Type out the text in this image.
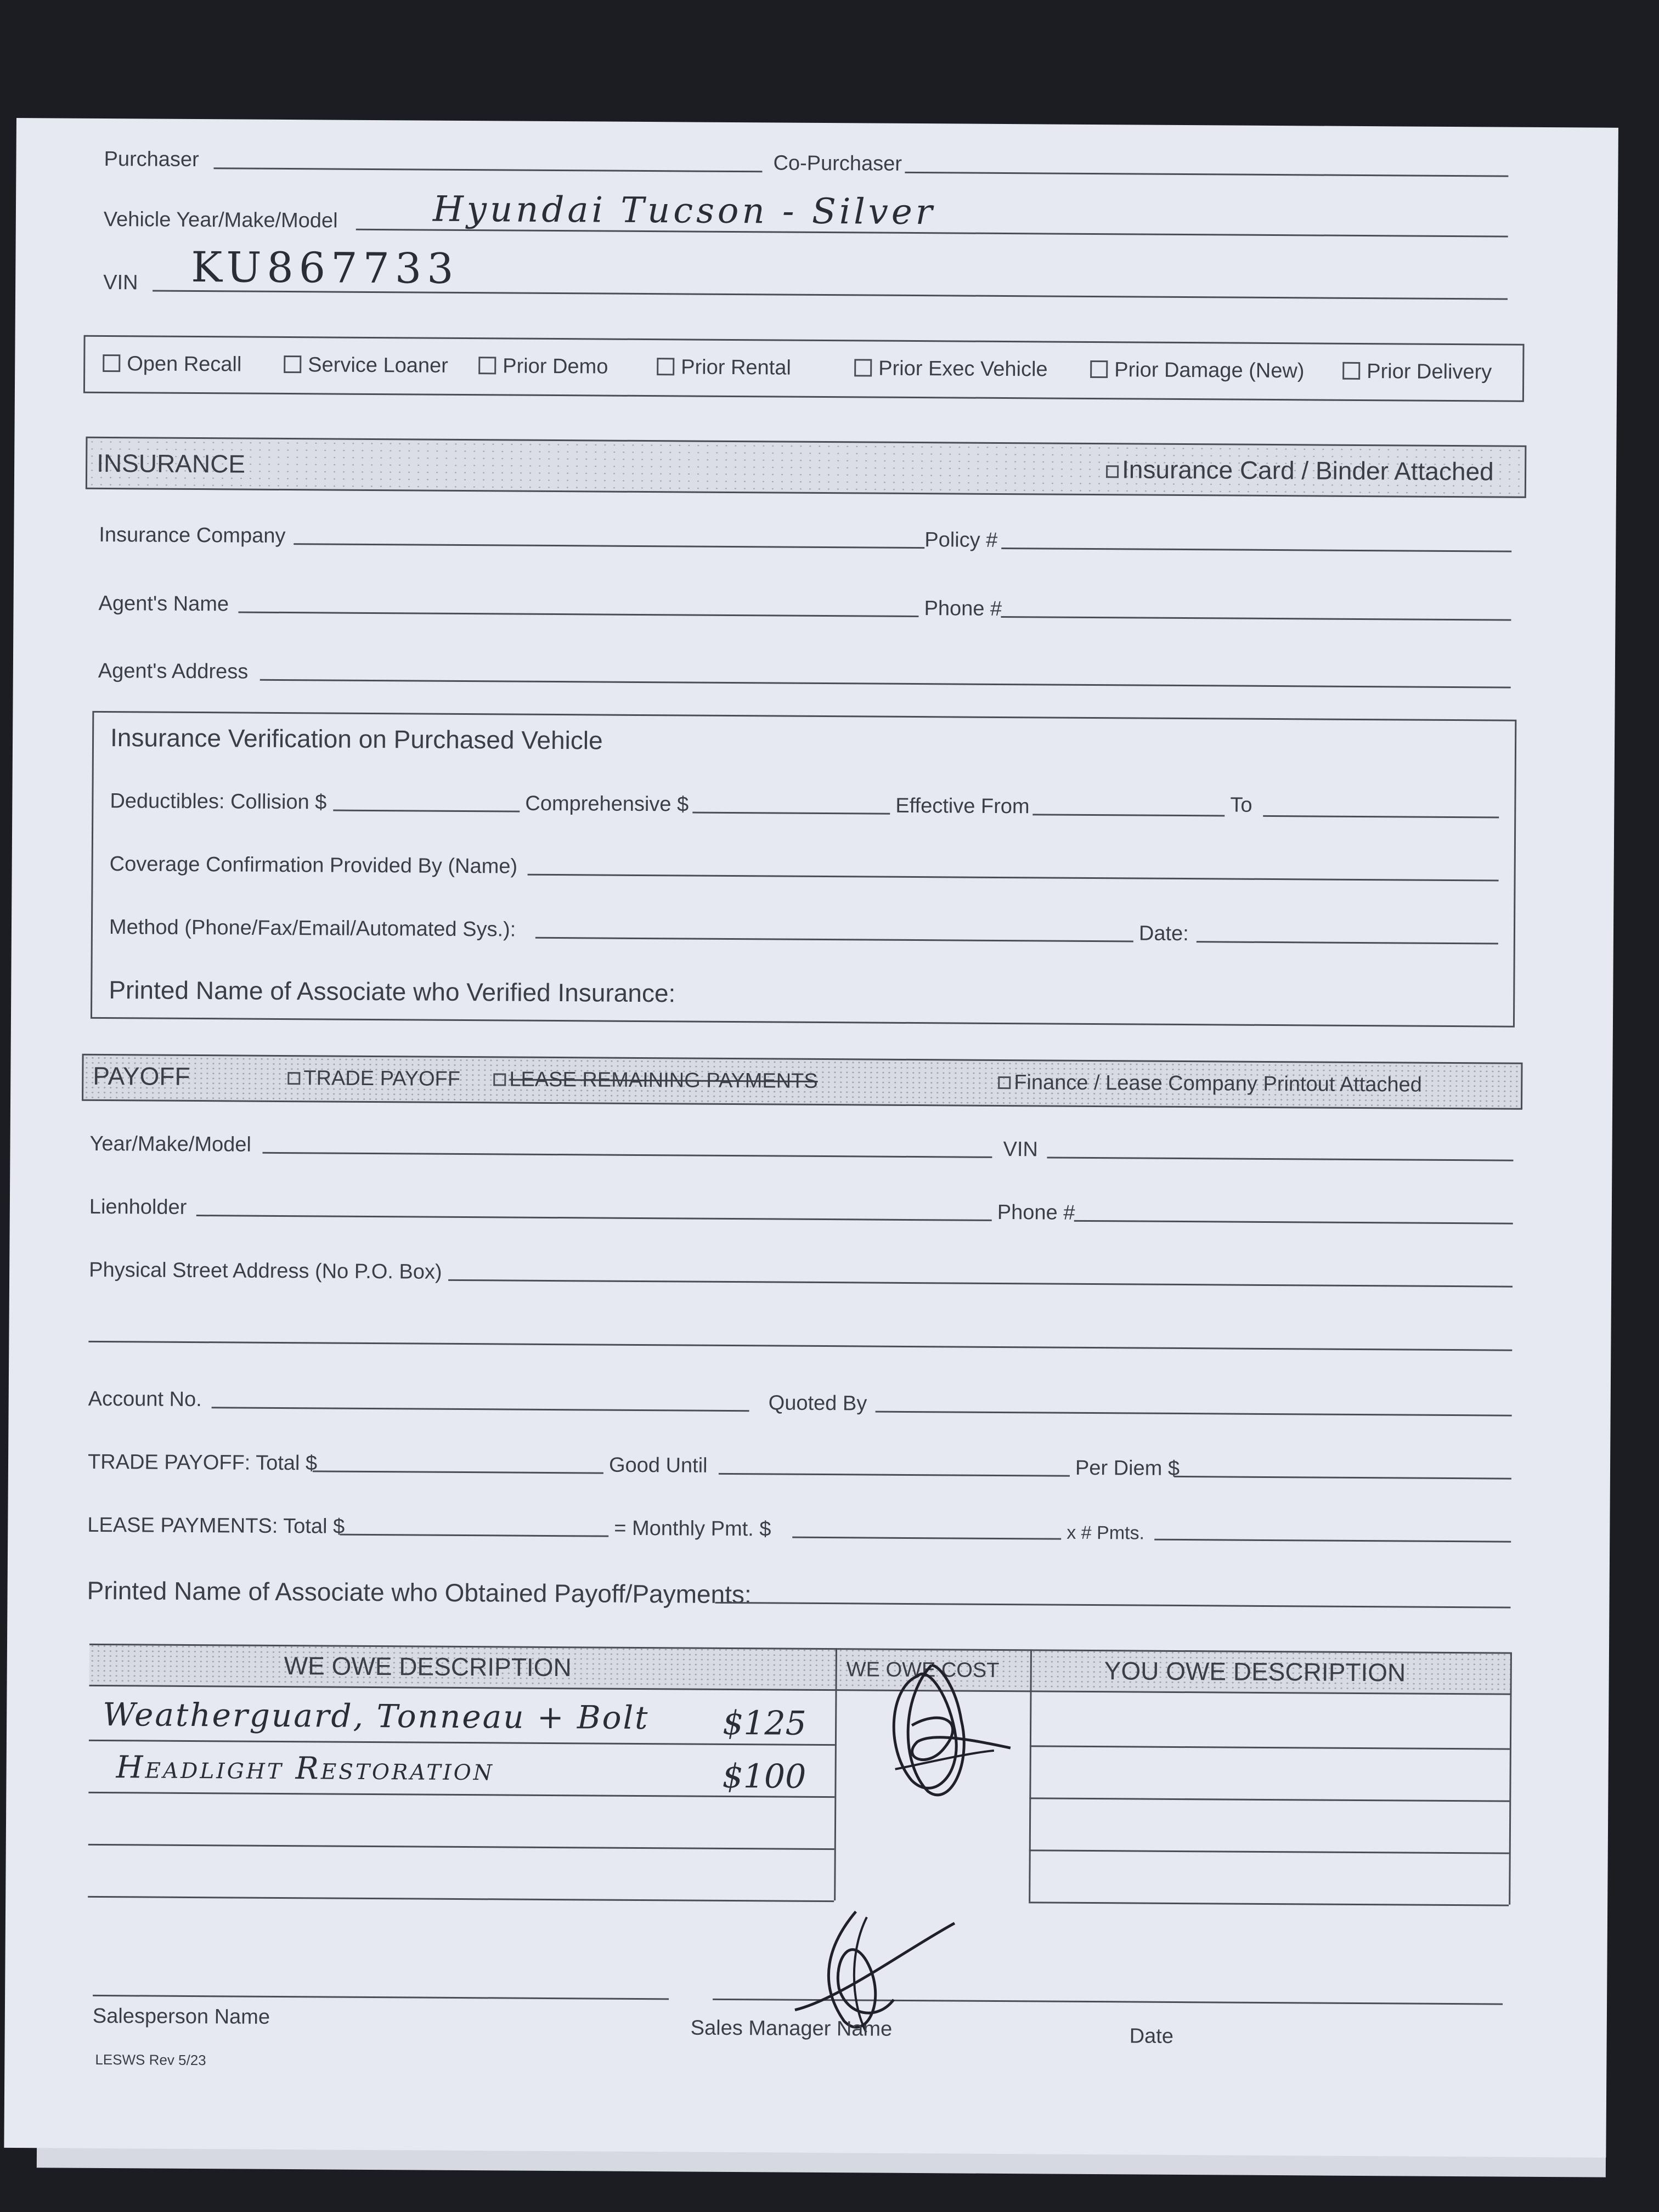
Purchaser	Co-Purchaser
Vehicle Year/Make/Model	Hyundai Tucson - Silver
VIN KU867733
Open Recall	Service Loaner	Prior Demo	Prior Rental	Prior Exec Vehicle	Prior Damage (New)	Prior Delivery
INSURANCE	Insurance Card / Binder Attached
Insurance Company	Policy #
Agent's Name	Phone #
Agent's Address
Insurance Verification on Purchased Vehicle
Deductibles: Collision $	Comprehensive $	Effective From	To
Coverage Confirmation Provided By (Name)
Method (Phone/Fax/Email/Automated Sys.):	Date:
Printed Name of Associate who Verified Insurance:
PAYOFF	TRADE PAYOFF	LEASE REMAINING PAYMENTS	Finance / Lease Company Printout Attached
Year/Make/Model	VIN
Lienholder	Phone #
Physical Street Address (No P.O. Box)
Account No.	Quoted By
TRADE PAYOFF: Total $	Good Until	Per Diem $
LEASE PAYMENTS: Total $	= Monthly Pmt. $	x # Pmts.
Printed Name of Associate who Obtained Payoff/Payments:
WE OWE DESCRIPTION	WE OWE COST	YOU OWE DESCRIPTION
Weatherguard, Tonneau + Bolt $125
Headlight Restoration	$100
Salesperson Name	Sales Manager Name	Date
LESWS Rev 5/23
